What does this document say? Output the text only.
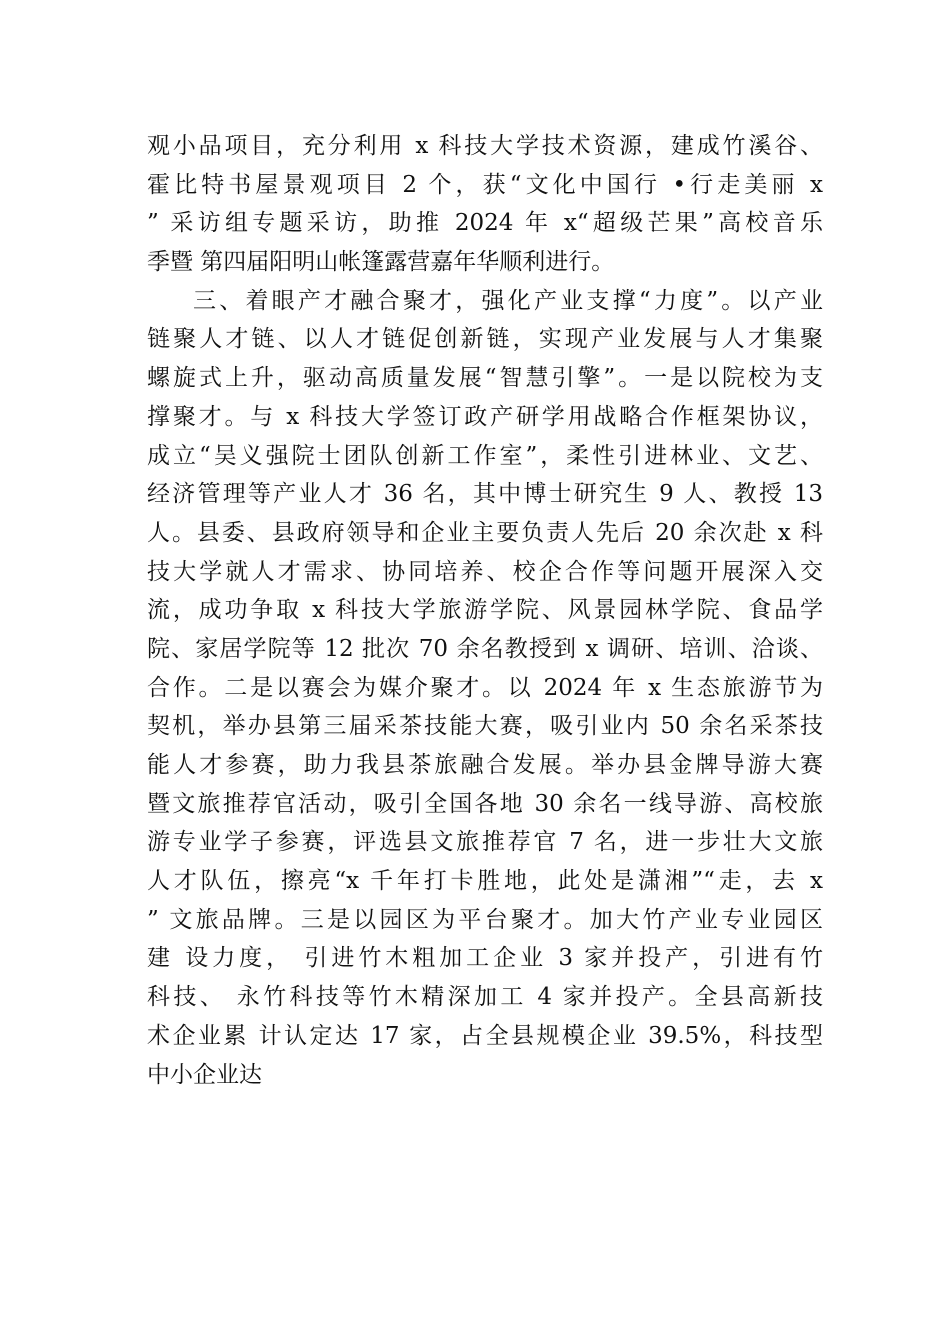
观小品项目，充分利用 x 科技大学技术资源，建成竹溪谷、
霍比特书屋景观项目 2 个，获“文化中国行 •行走美丽 x
” 采访组专题采访，助推 2024 年 x“超级芒果”高校音乐
季暨 第四届阳明山帐篷露营嘉年华顺利进行。
三、着眼产才融合聚才，强化产业支撑“力度”。以产业
链聚人才链、以人才链促创新链，实现产业发展与人才集聚
螺旋式上升，驱动高质量发展“智慧引擎”。一是以院校为支
撑聚才。与 x 科技大学签订政产研学用战略合作框架协议，
成立“吴义强院士团队创新工作室”，柔性引进林业、文艺、
经济管理等产业人才 36 名，其中博士研究生 9 人、教授 13
人。县委、县政府领导和企业主要负责人先后 20 余次赴 x 科
技大学就人才需求、协同培养、校企合作等问题开展深入交
流，成功争取 x 科技大学旅游学院、风景园林学院、食品学
院、家居学院等 12 批次 70 余名教授到 x 调研、培训、洽谈、
合作。二是以赛会为媒介聚才。以 2024 年 x 生态旅游节为
契机，举办县第三届采茶技能大赛，吸引业内 50 余名采茶技
能人才参赛，助力我县茶旅融合发展。举办县金牌导游大赛
暨文旅推荐官活动，吸引全国各地 30 余名一线导游、高校旅
游专业学子参赛，评选县文旅推荐官 7 名，进一步壮大文旅
人才队伍，擦亮“x 千年打卡胜地，此处是潇湘”“走，去 x
” 文旅品牌。三是以园区为平台聚才。加大竹产业专业园区
建 设力度， 引进竹木粗加工企业 3 家并投产，引进有竹
科技、 永竹科技等竹木精深加工 4 家并投产。全县高新技
术企业累 计认定达 17 家，占全县规模企业 39.5%，科技型
中小企业达
